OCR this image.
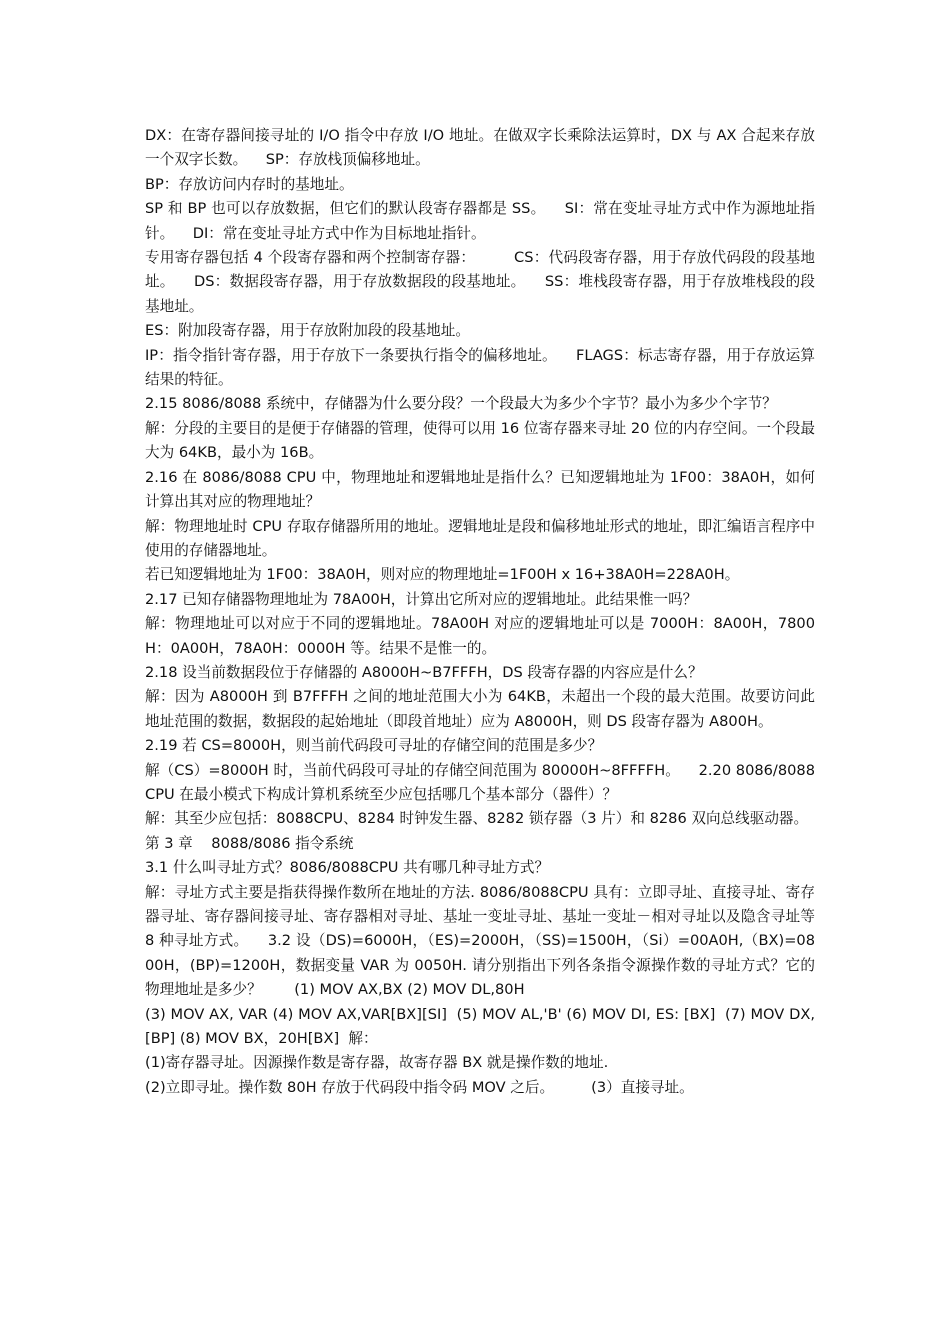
DX：在寄存器间接寻址的 I/O 指令中存放 I/O 地址。在做双字长乘除法运算时，DX 与 AX 合起来存放一个双字长数。    SP：存放栈顶偏移地址。

BP：存放访问内存时的基地址。

SP 和 BP 也可以存放数据，但它们的默认段寄存器都是 SS。    SI：常在变址寻址方式中作为源地址指针。    DI：常在变址寻址方式中作为目标地址指针。

专用寄存器包括 4 个段寄存器和两个控制寄存器：        CS：代码段寄存器，用于存放代码段的段基地址。    DS：数据段寄存器，用于存放数据段的段基地址。    SS：堆栈段寄存器，用于存放堆栈段的段基地址。

ES：附加段寄存器，用于存放附加段的段基地址。

IP：指令指针寄存器，用于存放下一条要执行指令的偏移地址。    FLAGS：标志寄存器，用于存放运算结果的特征。

2.15 8086/8088 系统中，存储器为什么要分段？一个段最大为多少个字节？最小为多少个字节？

解：分段的主要目的是便于存储器的管理，使得可以用 16 位寄存器来寻址 20 位的内存空间。一个段最大为 64KB，最小为 16B。

2.16 在 8086/8088 CPU 中，物理地址和逻辑地址是指什么？已知逻辑地址为 1F00：38A0H，如何计算出其对应的物理地址？

解：物理地址时 CPU 存取存储器所用的地址。逻辑地址是段和偏移地址形式的地址，即汇编语言程序中使用的存储器地址。

若已知逻辑地址为 1F00：38A0H，则对应的物理地址=1F00H x 16+38A0H=228A0H。

2.17 已知存储器物理地址为 78A00H，计算出它所对应的逻辑地址。此结果惟一吗？

解：物理地址可以对应于不同的逻辑地址。78A00H 对应的逻辑地址可以是 7000H：8A00H，7800H：0A00H，78A0H：0000H 等。结果不是惟一的。

2.18 设当前数据段位于存储器的 A8000H~B7FFFH，DS 段寄存器的内容应是什么？

解：因为 A8000H 到 B7FFFH 之间的地址范围大小为 64KB，未超出一个段的最大范围。故要访问此地址范围的数据，数据段的起始地址（即段首地址）应为 A8000H，则 DS 段寄存器为 A800H。

2.19 若 CS=8000H，则当前代码段可寻址的存储空间的范围是多少？

解（CS）=8000H 时，当前代码段可寻址的存储空间范围为 80000H~8FFFFH。    2.20 8086/8088 CPU 在最小模式下构成计算机系统至少应包括哪几个基本部分（器件）？

解：其至少应包括：8088CPU、8284 时钟发生器、8282 锁存器（3 片）和 8286 双向总线驱动器。

第 3 章    8088/8086 指令系统

3.1 什么叫寻址方式？8086/8088CPU 共有哪几种寻址方式？

解：寻址方式主要是指获得操作数所在地址的方法. 8086/8088CPU 具有：立即寻址、直接寻址、寄存器寻址、寄存器间接寻址、寄存器相对寻址、基址一变址寻址、基址一变址－相对寻址以及隐含寻址等 8 种寻址方式。    3.2 设（DS)=6000H，（ES)=2000H，（SS)=1500H，（Si）=00A0H,（BX)=0800H，(BP)=1200H，数据变量 VAR 为 0050H. 请分别指出下列各条指令源操作数的寻址方式？它的物理地址是多少？       (1) MOV AX,BX (2) MOV DL,80H

(3) MOV AX, VAR (4) MOV AX,VAR[BX][SI]  (5) MOV AL,'B' (6) MOV DI, ES: [BX]  (7) MOV DX,[BP] (8) MOV BX，20H[BX]  解：

(1)寄存器寻址。因源操作数是寄存器，故寄存器 BX 就是操作数的地址.

(2)立即寻址。操作数 80H 存放于代码段中指令码 MOV 之后。        (3）直接寻址。
